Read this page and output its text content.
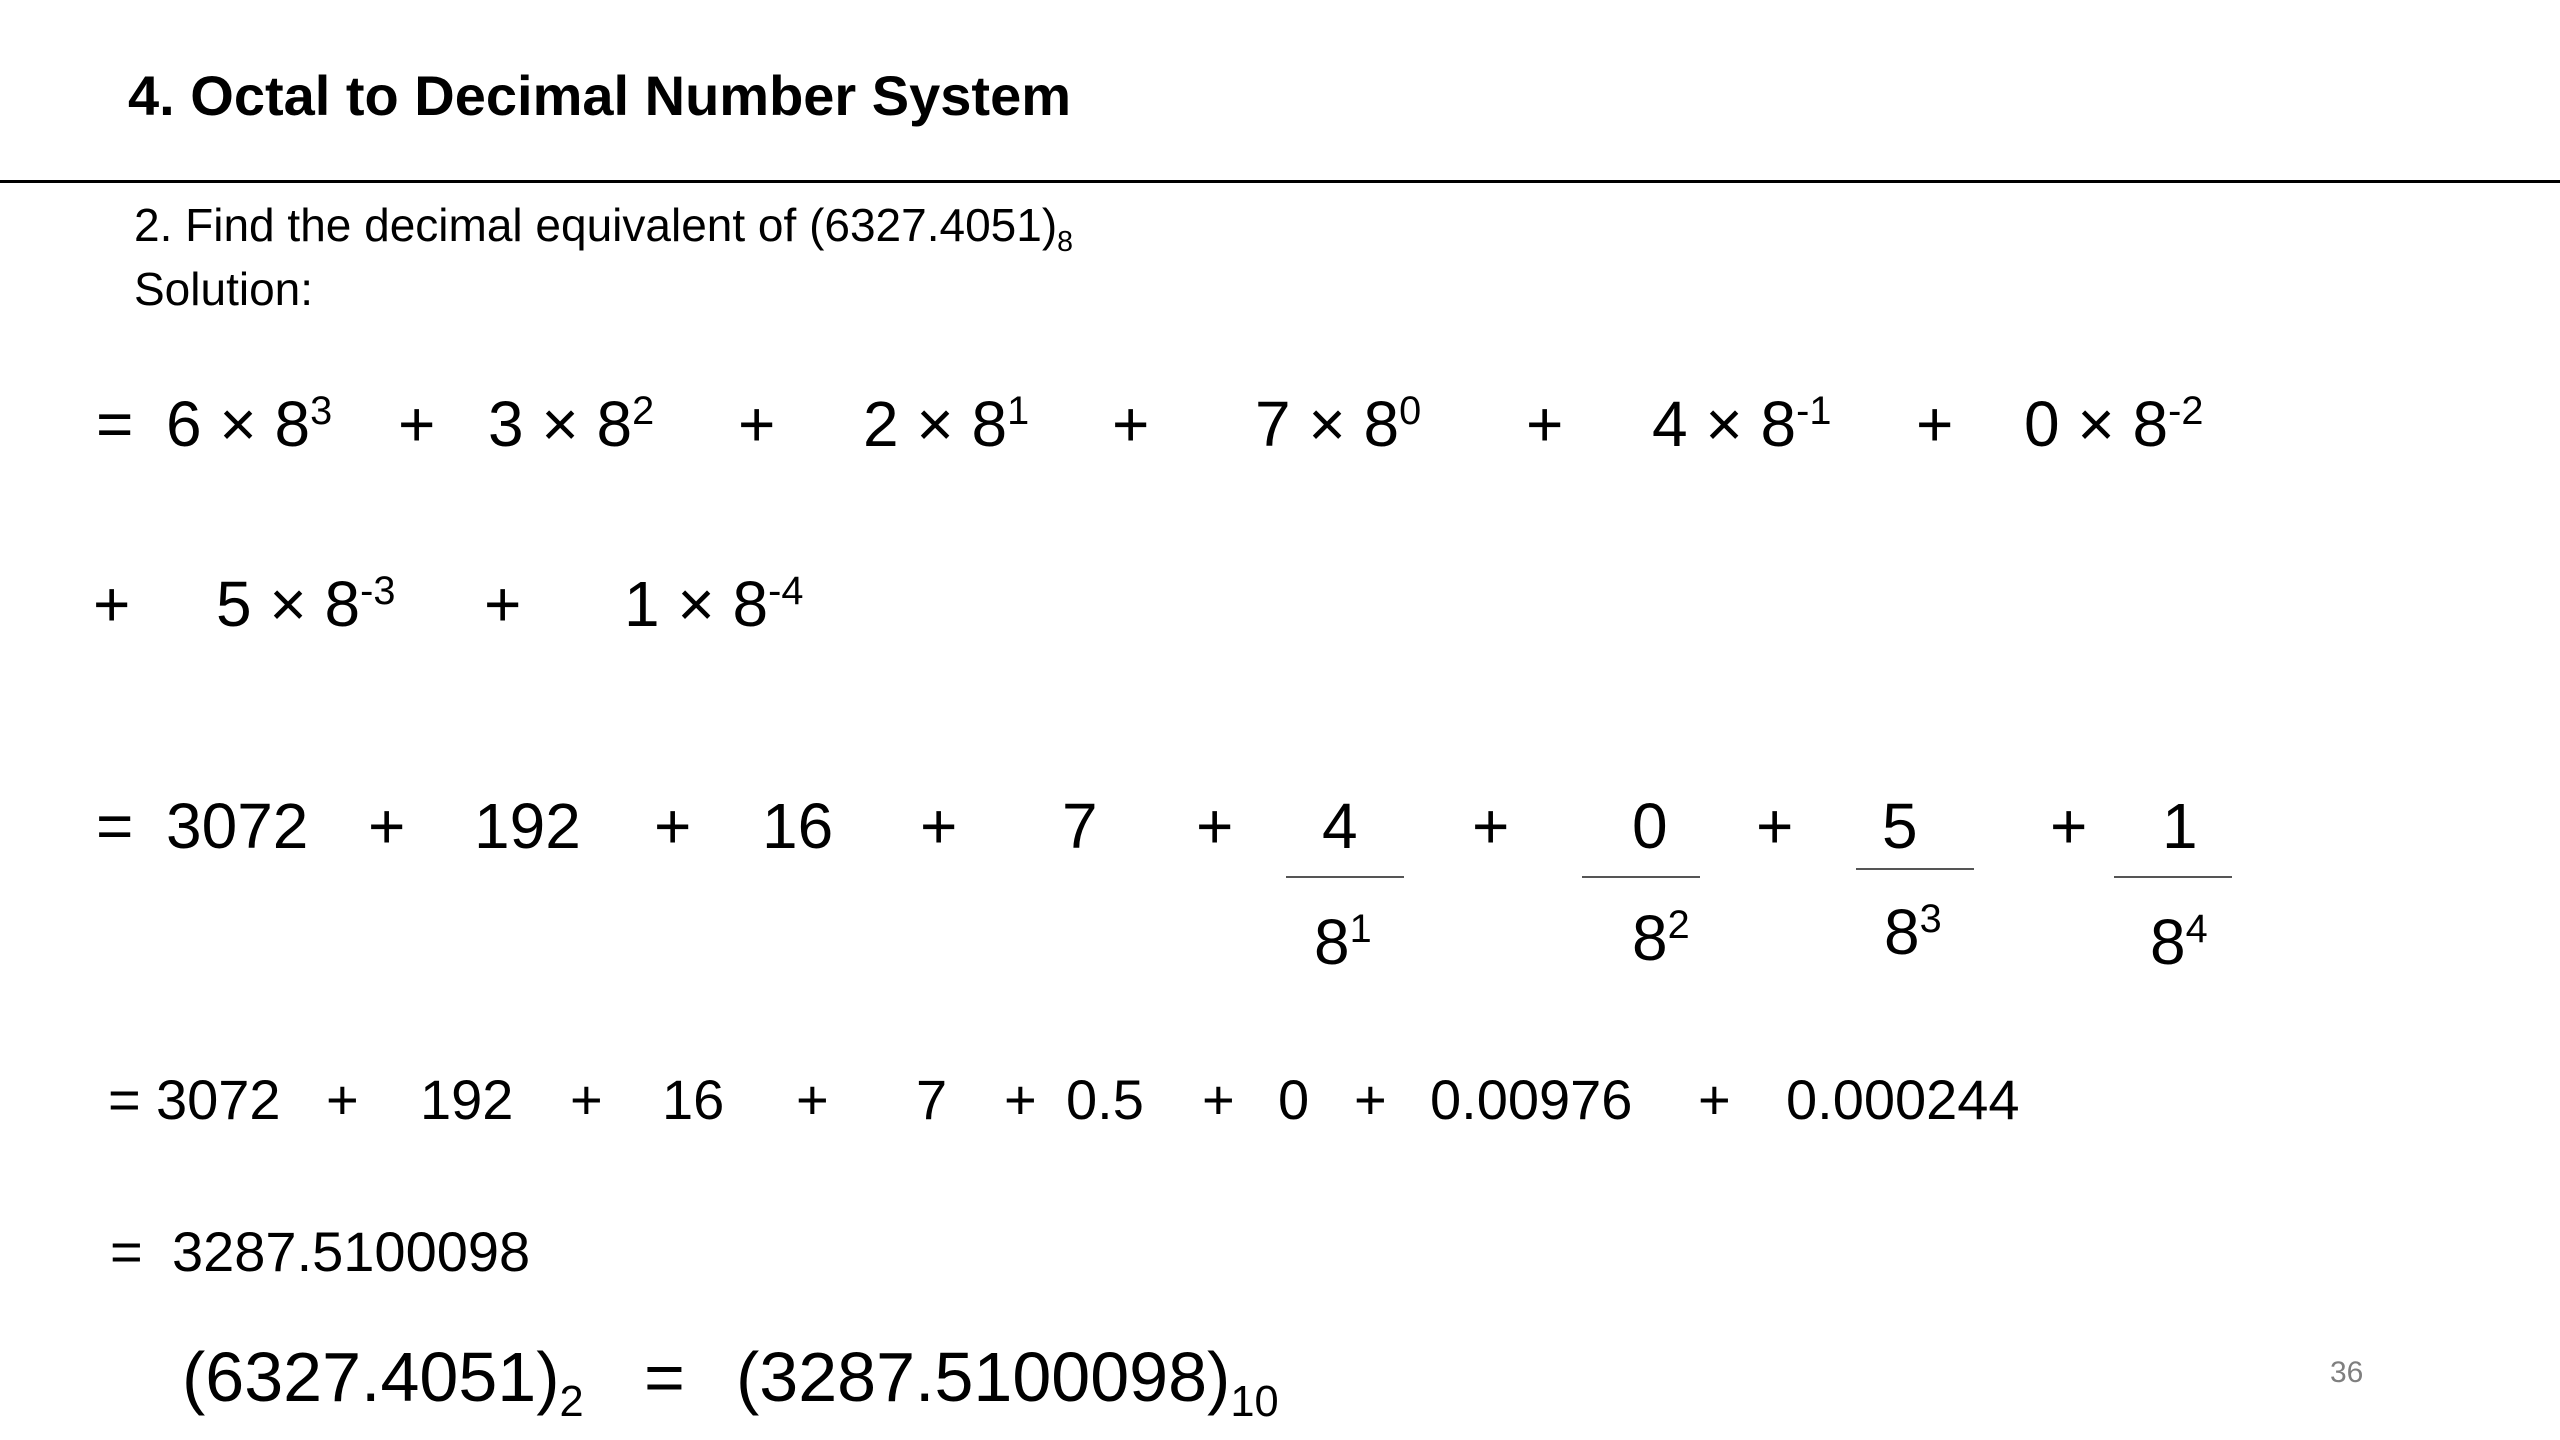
4. Octal to Decimal Number System
2. Find the decimal equivalent of $(6327.4051)_8$
Solution:
= $6 \times 8^3 + 3 \times 8^2 + 2 \times 8^1 + 7 \times 8^0 + 4 \times 8^{-1} + 0 \times 8^{-2}$
+ $5 \times 8^{-3} + 1 \times 8^{-4}$
= 3072 + 192 + 16 + 7 + 4
$8^1$
+ 0
$8^2$
+ 5
$8^3$
+ 1
$8^4$
= 3072 + 192 + 16 + 7 + 0.5 + 0 + 0.00976 + 0.000244
= 3287.5100098
$(6327.4051)_2 = (3287.5100098)_{10}$
36
